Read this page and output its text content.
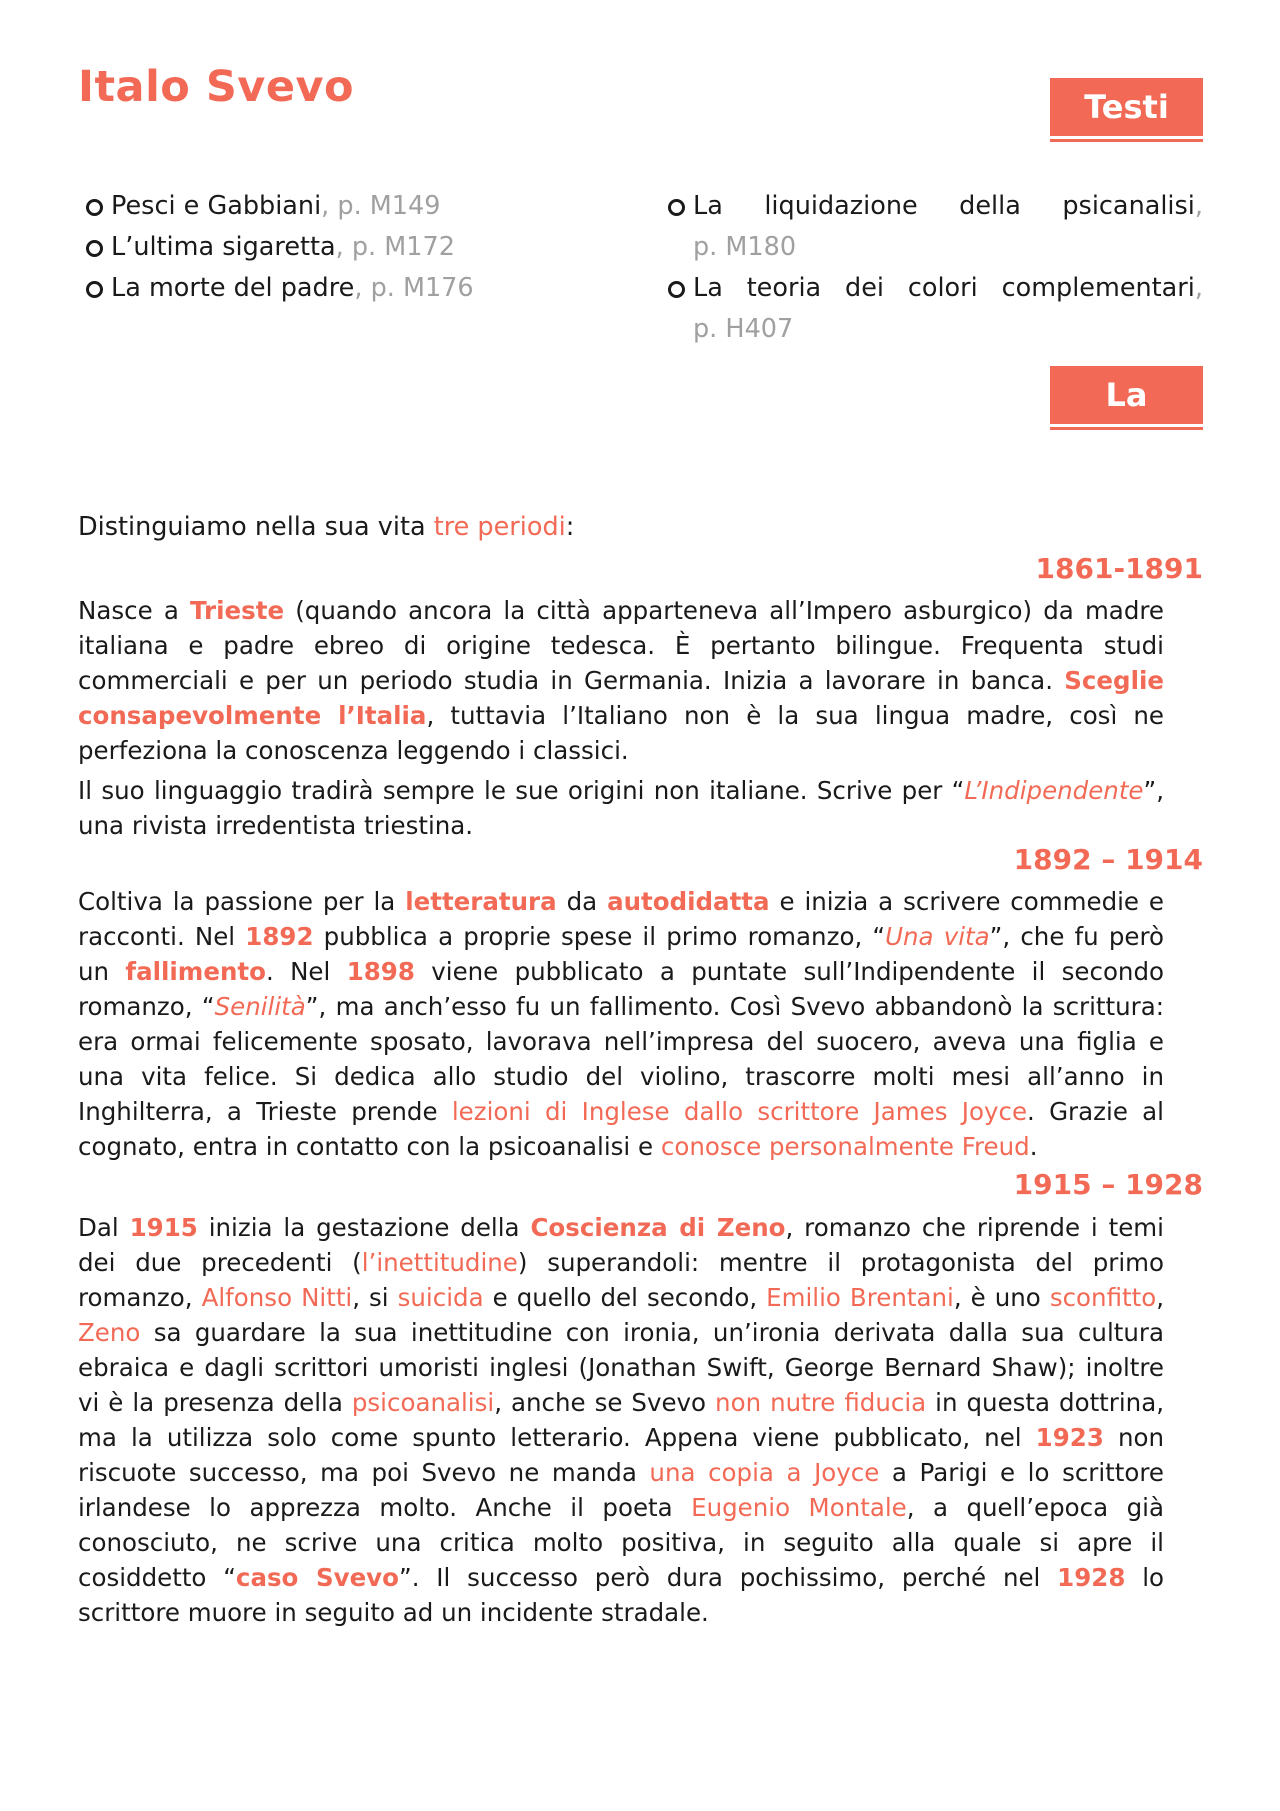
Italo Svevo	Testi
Pesci e Gabbiani, p. M149
L’ultima sigaretta, p. M172
La morte del padre, p. M176
La liquidazione della psicanalisi,
p. M180
La teoria dei colori complementari,
p. H407
La vita

Distinguiamo nella sua vita tre periodi:

1861-1891

Nasce a Trieste (quando ancora la città apparteneva all’Impero asburgico) da madre italiana e padre ebreo di origine tedesca. È pertanto bilingue. Frequenta studi commerciali e per un periodo studia in Germania. Inizia a lavorare in banca. Sceglie consapevolmente l’Italia, tuttavia l’Italiano non è la sua lingua madre, così ne perfeziona la conoscenza leggendo i classici.

Il suo linguaggio tradirà sempre le sue origini non italiane. Scrive per “L’Indipendente”, una rivista irredentista triestina.

1892 – 1914

Coltiva la passione per la letteratura da autodidatta e inizia a scrivere commedie e racconti. Nel 1892 pubblica a proprie spese il primo romanzo, “Una vita”, che fu però un fallimento. Nel 1898 viene pubblicato a puntate sull’Indipendente il secondo romanzo, “Senilità”, ma anch’esso fu un fallimento. Così Svevo abbandonò la scrittura: era ormai felicemente sposato, lavorava nell’impresa del suocero, aveva una figlia e una vita felice. Si dedica allo studio del violino, trascorre molti mesi all’anno in Inghilterra, a Trieste prende lezioni di Inglese dallo scrittore James Joyce. Grazie al cognato, entra in contatto con la psicoanalisi e conosce personalmente Freud.

1915 – 1928

Dal 1915 inizia la gestazione della Coscienza di Zeno, romanzo che riprende i temi dei due precedenti (l’inettitudine) superandoli: mentre il protagonista del primo romanzo, Alfonso Nitti, si suicida e quello del secondo, Emilio Brentani, è uno sconfitto, Zeno sa guardare la sua inettitudine con ironia, un’ironia derivata dalla sua cultura ebraica e dagli scrittori umoristi inglesi (Jonathan Swift, George Bernard Shaw); inoltre vi è la presenza della psicoanalisi, anche se Svevo non nutre fiducia in questa dottrina, ma la utilizza solo come spunto letterario. Appena viene pubblicato, nel 1923 non riscuote successo, ma poi Svevo ne manda una copia a Joyce a Parigi e lo scrittore irlandese lo apprezza molto. Anche il poeta Eugenio Montale, a quell’epoca già conosciuto, ne scrive una critica molto positiva, in seguito alla quale si apre il cosiddetto “caso Svevo”. Il successo però dura pochissimo, perché nel 1928 lo scrittore muore in seguito ad un incidente stradale.
